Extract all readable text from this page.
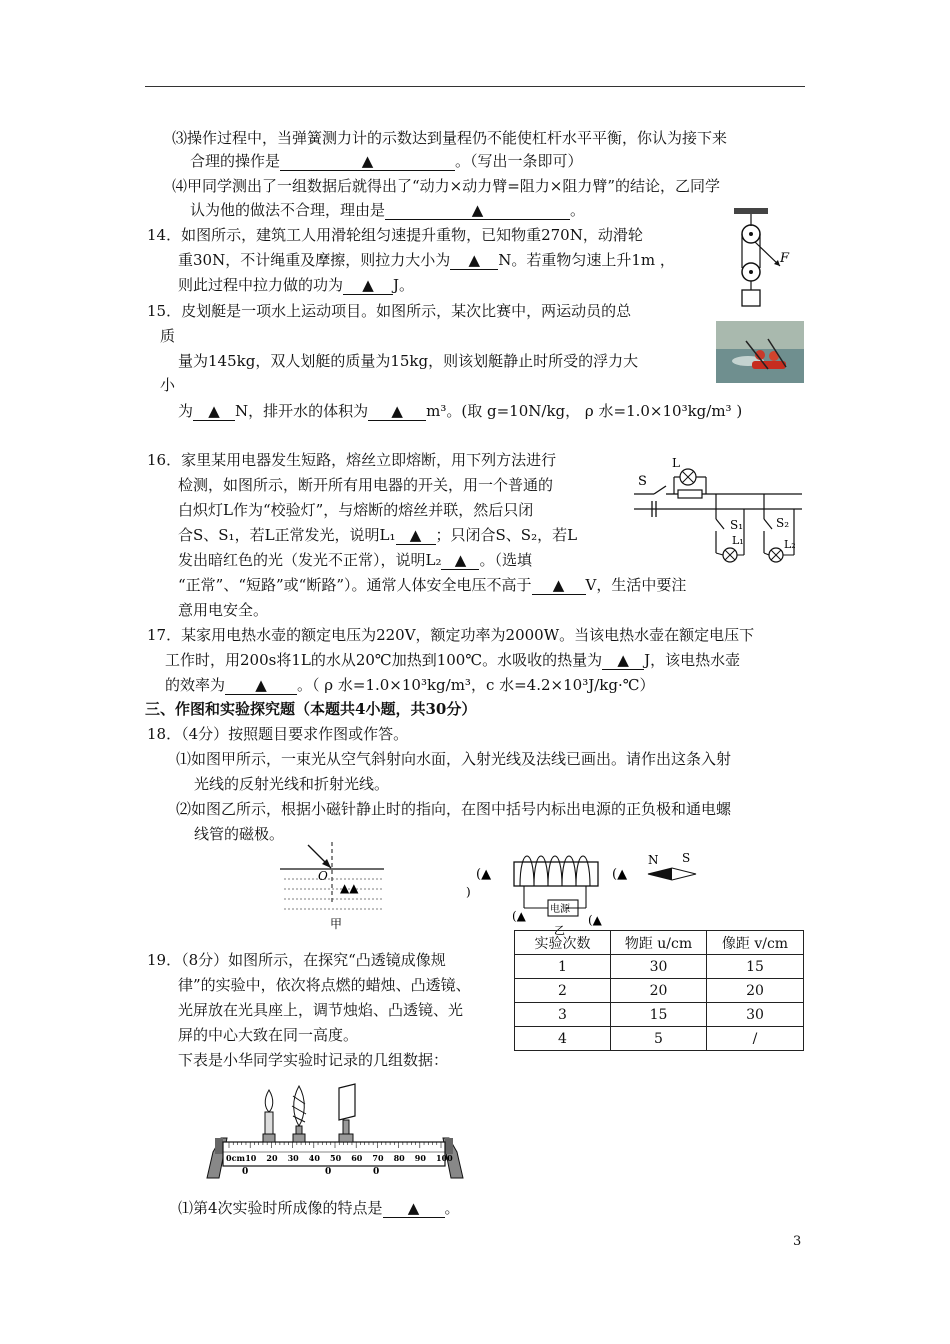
⑶操作过程中，当弹簧测力计的示数达到量程仍不能使杠杆水平平衡，你认为接下来
合理的操作是	▲	。（写出一条即可）
⑷甲同学测出了一组数据后就得出了“动力×动力臂=阻力×阻力臂”的结论，乙同学
认为他的做法不合理，理由是	▲	。
14．如图所示，建筑工人用滑轮组匀速提升重物，已知物重270N，动滑轮
重30N，不计绳重及摩擦，则拉力大小为 ▲ N。若重物匀速上升1m ，
则此过程中拉力做的功为 ▲ J。
F
15．皮划艇是一项水上运动项目。如图所示，某次比赛中，两运动员的总
质
量为145kg，双人划艇的质量为15kg，则该划艇静止时所受的浮力大
小
为 ▲ N，排开水的体积为 ▲ m³。(取 g=10N/kg， ρ 水=1.0×10³kg/m³ )
16．家里某用电器发生短路，熔丝立即熔断，用下列方法进行
检测，如图所示，断开所有用电器的开关，用一个普通的
白炽灯L作为“校验灯”，与熔断的熔丝并联，然后只闭
合S、S₁，若L正常发光，说明L₁ ▲ ；只闭合S、S₂，若L
发出暗红色的光（发光不正常），说明L₂ ▲ 。（选填
“正常”、“短路”或“断路”）。通常人体安全电压不高于 ▲ V，生活中要注
意用电安全。
S
L
S₁
L₁
S₂
L₂
17．某家用电热水壶的额定电压为220V，额定功率为2000W。当该电热水壶在额定电压下
工作时，用200s将1L的水从20℃加热到100℃。水吸收的热量为 ▲ J，该电热水壶
的效率为 ▲ 。（ ρ 水=1.0×10³kg/m³，c 水=4.2×10³J/kg·℃）
三、作图和实验探究题（本题共4小题，共30分）
18．（4分）按照题目要求作图或作答。
⑴如图甲所示，一束光从空气斜射向水面，入射光线及法线已画出。请作出这条入射
光线的反射光线和折射光线。
⑵如图乙所示，根据小磁针静止时的指向，在图中括号内标出电源的正负极和通电螺
线管的磁极。
O
▲▲
甲
(▲
)
(▲
电源
(▲	(▲
乙
N S
19．（8分）如图所示，在探究“凸透镜成像规
律”的实验中，依次将点燃的蜡烛、凸透镜、
光屏放在光具座上，调节烛焰、凸透镜、光
屏的中心大致在同一高度。
下表是小华同学实验时记录的几组数据：
实验次数	物距 u/cm	像距 v/cm
1	30	15
2	20	20
3	15	30
4	5	/
0cm 10 20 30 40 50 60 70 80 90 100
0	0	0
⑴第4次实验时所成像的特点是 ▲ 。
3
